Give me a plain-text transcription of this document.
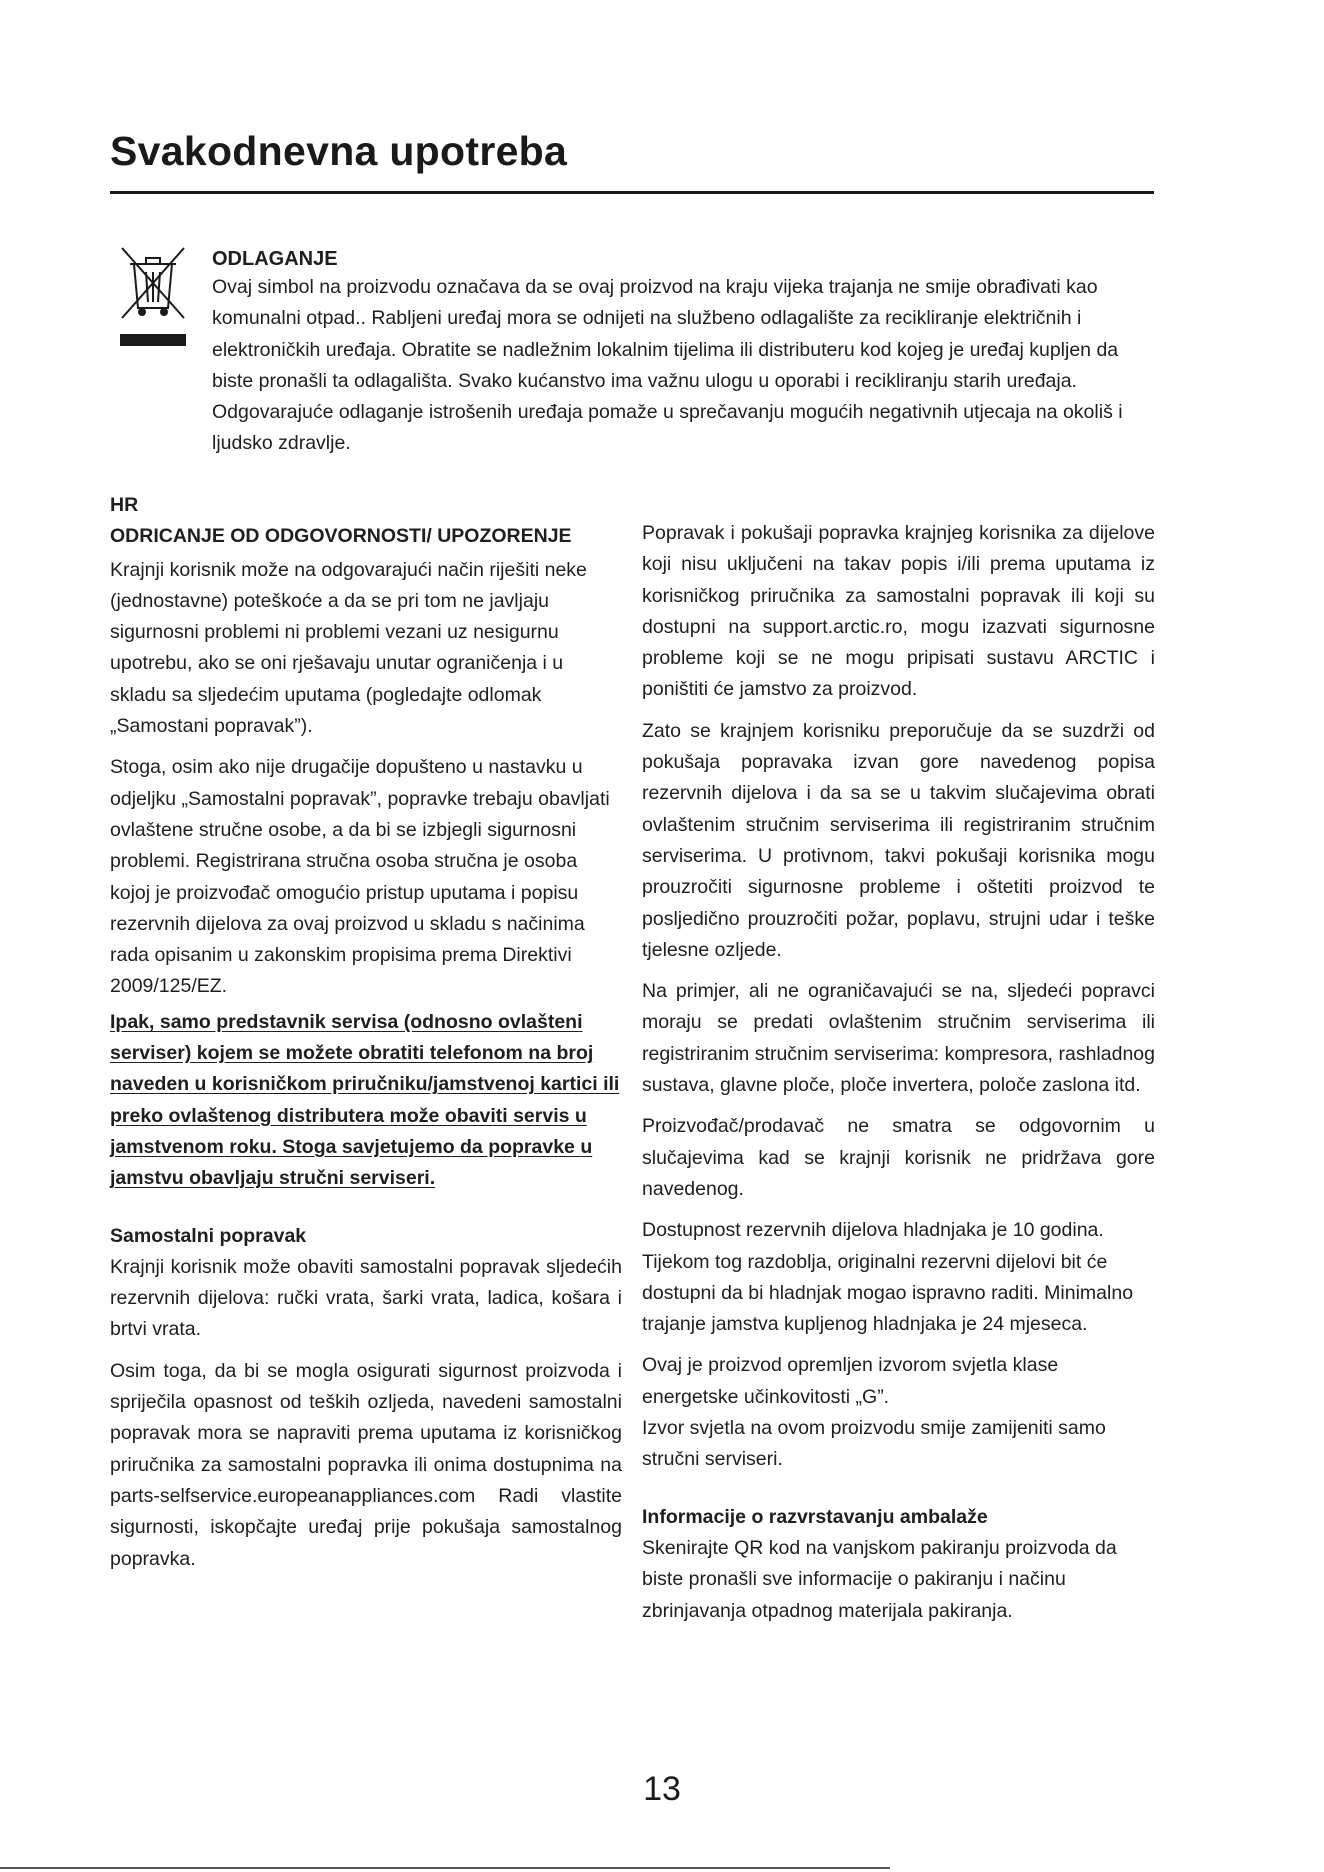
Svakodnevna upotreba
ODLAGANJE
Ovaj simbol na proizvodu označava da se ovaj proizvod na kraju vijeka trajanja ne smije obrađivati kao komunalni otpad.. Rabljeni uređaj mora se odnijeti na službeno odlagalište za recikliranje električnih i elektroničkih uređaja. Obratite se nadležnim lokalnim tijelima ili distributeru kod kojeg je uređaj kupljen da biste pronašli ta odlagališta. Svako kućanstvo ima važnu ulogu u oporabi i recikliranju starih uređaja. Odgovarajuće odlaganje istrošenih uređaja pomaže u sprečavanju mogućih negativnih utjecaja na okoliš i ljudsko zdravlje.
HR
ODRICANJE OD ODGOVORNOSTI/ UPOZORENJE

Krajnji korisnik može na odgovarajući način riješiti neke (jednostavne) poteškoće a da se pri tom ne javljaju sigurnosni problemi ni problemi vezani uz nesigurnu upotrebu, ako se oni rješavaju unutar ograničenja i u skladu sa sljedećim uputama (pogledajte odlomak „Samostani popravak”).

Stoga, osim ako nije drugačije dopušteno u nastavku u odjeljku „Samostalni popravak”, popravke trebaju obavljati ovlaštene stručne osobe, a da bi se izbjegli sigurnosni problemi. Registrirana stručna osoba stručna je osoba kojoj je proizvođač omogućio pristup uputama i popisu rezervnih dijelova za ovaj proizvod u skladu s načinima rada opisanim u zakonskim propisima prema Direktivi 2009/125/EZ.

Ipak, samo predstavnik servisa (odnosno ovlašteni serviser) kojem se možete obratiti telefonom na broj naveden u korisničkom priručniku/jamstvenoj kartici ili preko ovlaštenog distributera može obaviti servis u jamstvenom roku. Stoga savjetujemo da popravke u jamstvu obavljaju stručni serviseri.

Samostalni popravak

Krajnji korisnik može obaviti samostalni popravak sljedećih rezervnih dijelova: ručki vrata, šarki vrata, ladica, košara i brtvi vrata.

Osim toga, da bi se mogla osigurati sigurnost proizvoda i spriječila opasnost od teških ozljeda, navedeni samostalni popravak mora se napraviti prema uputama iz korisničkog priručnika za samostalni popravka ili onima dostupnima na parts-selfservice.europeanappliances.com Radi vlastite sigurnosti, iskopčajte uređaj prije pokušaja samostalnog popravka.

Popravak i pokušaji popravka krajnjeg korisnika za dijelove koji nisu uključeni na takav popis i/ili prema uputama iz korisničkog priručnika za samostalni popravak ili koji su dostupni na support.arctic.ro, mogu izazvati sigurnosne probleme koji se ne mogu pripisati sustavu ARCTIC i poništiti će jamstvo za proizvod.

Zato se krajnjem korisniku preporučuje da se suzdrži od pokušaja popravaka izvan gore navedenog popisa rezervnih dijelova i da sa se u takvim slučajevima obrati ovlaštenim stručnim serviserima ili registriranim stručnim serviserima. U protivnom, takvi pokušaji korisnika mogu prouzročiti sigurnosne probleme i oštetiti proizvod te posljedično prouzročiti požar, poplavu, strujni udar i teške tjelesne ozljede.

Na primjer, ali ne ograničavajući se na, sljedeći popravci moraju se predati ovlaštenim stručnim serviserima ili registriranim stručnim serviserima: kompresora, rashladnog sustava, glavne ploče, ploče invertera, poloče zaslona itd.

Proizvođač/prodavač ne smatra se odgovornim u slučajevima kad se krajnji korisnik ne pridržava gore navedenog.

Dostupnost rezervnih dijelova hladnjaka je 10 godina. Tijekom tog razdoblja, originalni rezervni dijelovi bit će dostupni da bi hladnjak mogao ispravno raditi. Minimalno trajanje jamstva kupljenog hladnjaka je 24 mjeseca.

Ovaj je proizvod opremljen izvorom svjetla klase energetske učinkovitosti „G”.

Izvor svjetla na ovom proizvodu smije zamijeniti samo stručni serviseri.

Informacije o razvrstavanju ambalaže

Skenirajte QR kod na vanjskom pakiranju proizvoda da biste pronašli sve informacije o pakiranju i načinu zbrinjavanja otpadnog materijala pakiranja.

13
